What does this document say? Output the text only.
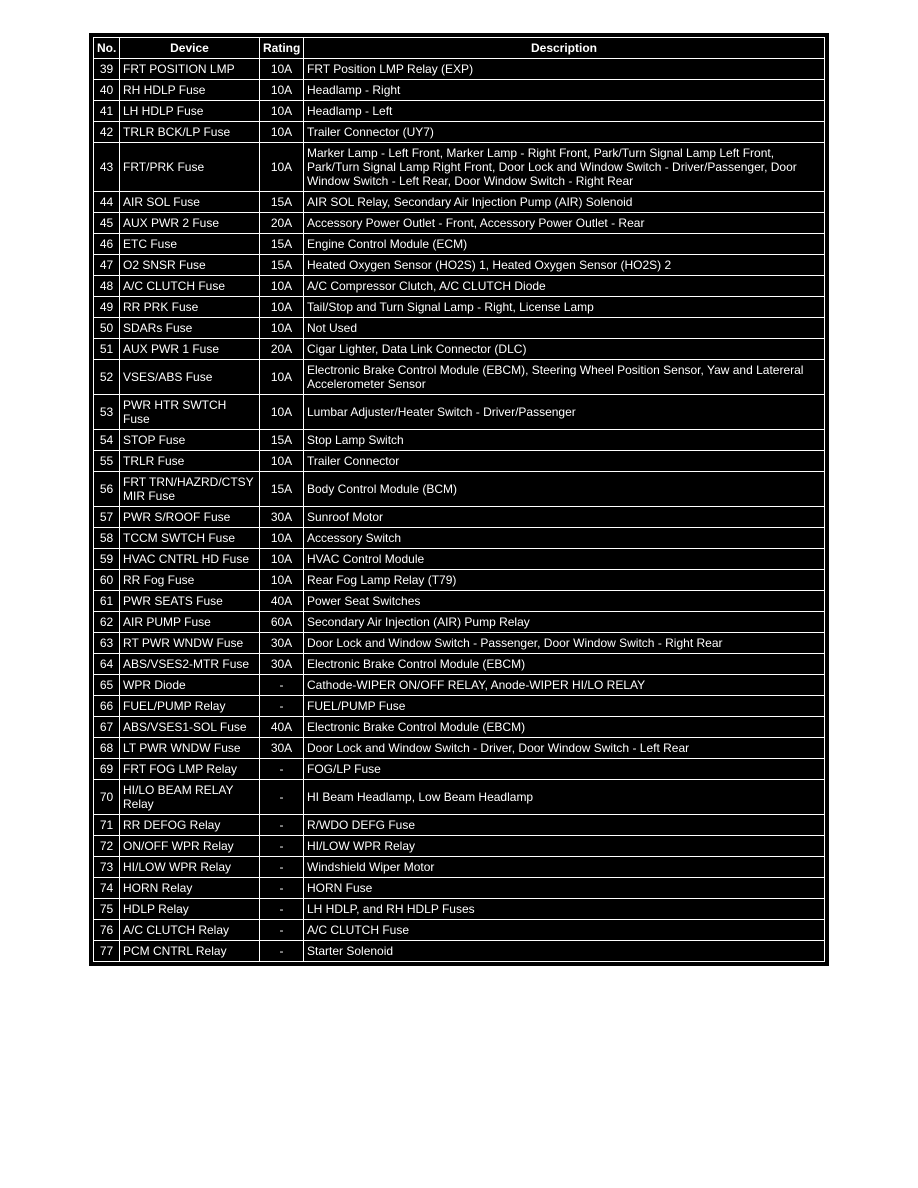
No.	Device	Rating	Description
39	FRT POSITION LMP	10A	FRT Position LMP Relay (EXP)
40	RH HDLP Fuse	10A	Headlamp - Right
41	LH HDLP Fuse	10A	Headlamp - Left
42	TRLR BCK/LP Fuse	10A	Trailer Connector (UY7)
43	FRT/PRK Fuse	10A	Marker Lamp - Left Front, Marker Lamp - Right Front, Park/Turn Signal Lamp Left Front, Park/Turn Signal Lamp Right Front, Door Lock and Window Switch - Driver/Passenger, Door Window Switch - Left Rear, Door Window Switch - Right Rear
44	AIR SOL Fuse	15A	AIR SOL Relay, Secondary Air Injection Pump (AIR) Solenoid
45	AUX PWR 2 Fuse	20A	Accessory Power Outlet - Front, Accessory Power Outlet - Rear
46	ETC Fuse	15A	Engine Control Module (ECM)
47	O2 SNSR Fuse	15A	Heated Oxygen Sensor (HO2S) 1, Heated Oxygen Sensor (HO2S) 2
48	A/C CLUTCH Fuse	10A	A/C Compressor Clutch, A/C CLUTCH Diode
49	RR PRK Fuse	10A	Tail/Stop and Turn Signal Lamp - Right, License Lamp
50	SDARs Fuse	10A	Not Used
51	AUX PWR 1 Fuse	20A	Cigar Lighter, Data Link Connector (DLC)
52	VSES/ABS Fuse	10A	Electronic Brake Control Module (EBCM), Steering Wheel Position Sensor, Yaw and Latereral Accelerometer Sensor
53	PWR HTR SWTCH Fuse	10A	Lumbar Adjuster/Heater Switch - Driver/Passenger
54	STOP Fuse	15A	Stop Lamp Switch
55	TRLR Fuse	10A	Trailer Connector
56	FRT TRN/HAZRD/CTSY MIR Fuse	15A	Body Control Module (BCM)
57	PWR S/ROOF Fuse	30A	Sunroof Motor
58	TCCM SWTCH Fuse	10A	Accessory Switch
59	HVAC CNTRL HD Fuse	10A	HVAC Control Module
60	RR Fog Fuse	10A	Rear Fog Lamp Relay (T79)
61	PWR SEATS Fuse	40A	Power Seat Switches
62	AIR PUMP Fuse	60A	Secondary Air Injection (AIR) Pump Relay
63	RT PWR WNDW Fuse	30A	Door Lock and Window Switch - Passenger, Door Window Switch - Right Rear
64	ABS/VSES2-MTR Fuse	30A	Electronic Brake Control Module (EBCM)
65	WPR Diode	-	Cathode-WIPER ON/OFF RELAY, Anode-WIPER HI/LO RELAY
66	FUEL/PUMP Relay	-	FUEL/PUMP Fuse
67	ABS/VSES1-SOL Fuse	40A	Electronic Brake Control Module (EBCM)
68	LT PWR WNDW Fuse	30A	Door Lock and Window Switch - Driver, Door Window Switch - Left Rear
69	FRT FOG LMP Relay	-	FOG/LP Fuse
70	HI/LO BEAM RELAY Relay	-	HI Beam Headlamp, Low Beam Headlamp
71	RR DEFOG Relay	-	R/WDO DEFG Fuse
72	ON/OFF WPR Relay	-	HI/LOW WPR Relay
73	HI/LOW WPR Relay	-	Windshield Wiper Motor
74	HORN Relay	-	HORN Fuse
75	HDLP Relay	-	LH HDLP, and RH HDLP Fuses
76	A/C CLUTCH Relay	-	A/C CLUTCH Fuse
77	PCM CNTRL Relay	-	Starter Solenoid
